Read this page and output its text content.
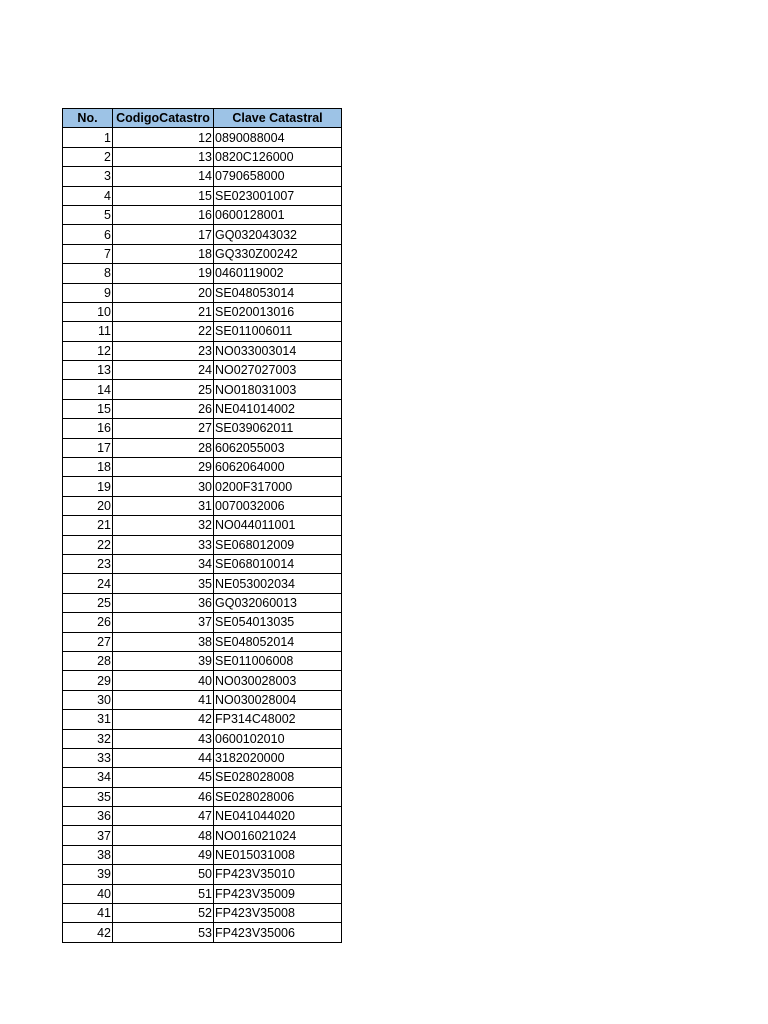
No.	CodigoCatastro	Clave Catastral
1	12	0890088004
2	13	0820C126000
3	14	0790658000
4	15	SE023001007
5	16	0600128001
6	17	GQ032043032
7	18	GQ330Z00242
8	19	0460119002
9	20	SE048053014
10	21	SE020013016
11	22	SE011006011
12	23	NO033003014
13	24	NO027027003
14	25	NO018031003
15	26	NE041014002
16	27	SE039062011
17	28	6062055003
18	29	6062064000
19	30	0200F317000
20	31	0070032006
21	32	NO044011001
22	33	SE068012009
23	34	SE068010014
24	35	NE053002034
25	36	GQ032060013
26	37	SE054013035
27	38	SE048052014
28	39	SE011006008
29	40	NO030028003
30	41	NO030028004
31	42	FP314C48002
32	43	0600102010
33	44	3182020000
34	45	SE028028008
35	46	SE028028006
36	47	NE041044020
37	48	NO016021024
38	49	NE015031008
39	50	FP423V35010
40	51	FP423V35009
41	52	FP423V35008
42	53	FP423V35006
